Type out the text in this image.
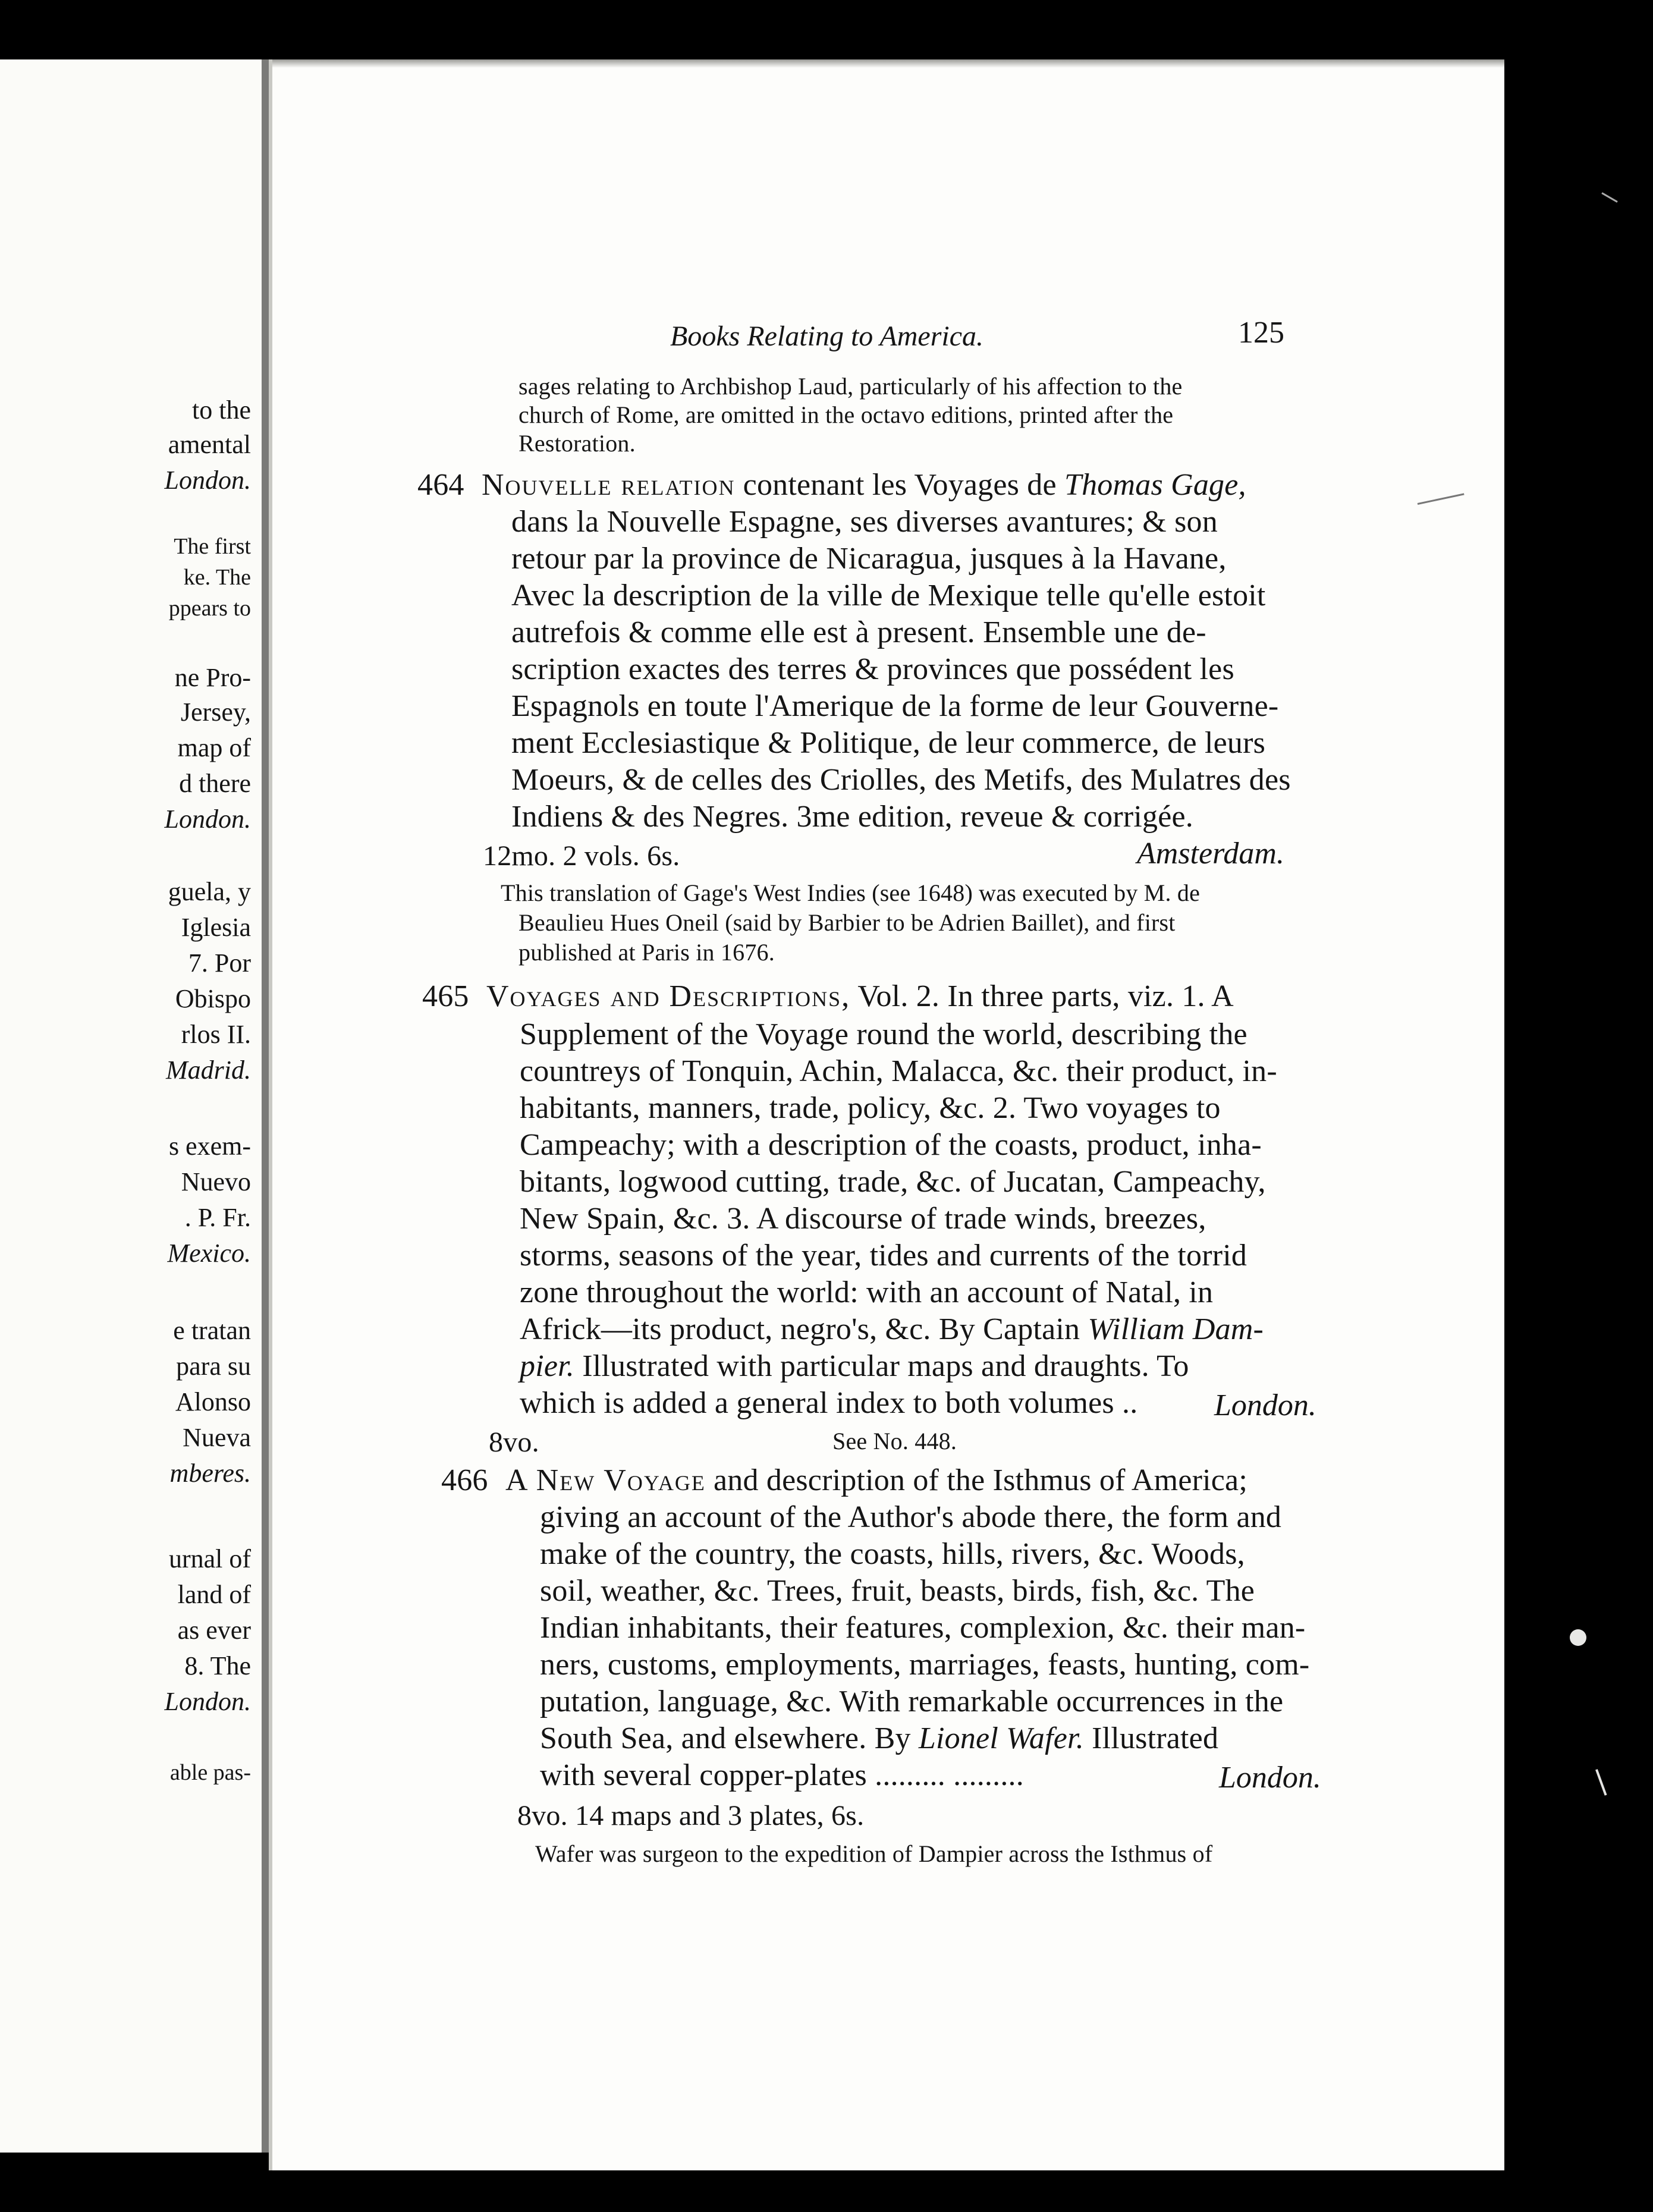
to the
amental
London.
The first
ke. The
ppears to
ne Pro-
Jersey,
map of
d there
London.
guela, y
Iglesia
7. Por
Obispo
rlos II.
Madrid.
s exem-
Nuevo
. P. Fr.
Mexico.
e tratan
para su
Alonso
Nueva
mberes.
urnal of
land of
as ever
8. The
London.
able pas-
Books Relating to America.	125
sages relating to Archbishop Laud, particularly of his affection to the
church of Rome, are omitted in the octavo editions, printed after the
Restoration.
464 Nouvelle relation contenant les Voyages de Thomas Gage,
dans la Nouvelle Espagne, ses diverses avantures; & son
retour par la province de Nicaragua, jusques à la Havane,
Avec la description de la ville de Mexique telle qu'elle estoit
autrefois & comme elle est à present. Ensemble une de-
scription exactes des terres & provinces que possédent les
Espagnols en toute l'Amerique de la forme de leur Gouverne-
ment Ecclesiastique & Politique, de leur commerce, de leurs
Moeurs, & de celles des Criolles, des Metifs, des Mulatres des
Indiens & des Negres. 3me edition, reveue & corrigée.
Amsterdam.
12mo. 2 vols. 6s.
This translation of Gage's West Indies (see 1648) was executed by M. de
Beaulieu Hues Oneil (said by Barbier to be Adrien Baillet), and first
published at Paris in 1676.
465 Voyages and Descriptions, Vol. 2. In three parts, viz. 1. A
Supplement of the Voyage round the world, describing the
countreys of Tonquin, Achin, Malacca, &c. their product, in-
habitants, manners, trade, policy, &c. 2. Two voyages to
Campeachy; with a description of the coasts, product, inha-
bitants, logwood cutting, trade, &c. of Jucatan, Campeachy,
New Spain, &c. 3. A discourse of trade winds, breezes,
storms, seasons of the year, tides and currents of the torrid
zone throughout the world: with an account of Natal, in
Africk—its product, negro's, &c. By Captain William Dam-
pier. Illustrated with particular maps and draughts. To
which is added a general index to both volumes .. London.
8vo.	See No. 448.
466 A New Voyage and description of the Isthmus of America;
giving an account of the Author's abode there, the form and
make of the country, the coasts, hills, rivers, &c. Woods,
soil, weather, &c. Trees, fruit, beasts, birds, fish, &c. The
Indian inhabitants, their features, complexion, &c. their man-
ners, customs, employments, marriages, feasts, hunting, com-
putation, language, &c. With remarkable occurrences in the
South Sea, and elsewhere. By Lionel Wafer. Illustrated
with several copper-plates ......... .........	London.
8vo. 14 maps and 3 plates, 6s.
Wafer was surgeon to the expedition of Dampier across the Isthmus of
